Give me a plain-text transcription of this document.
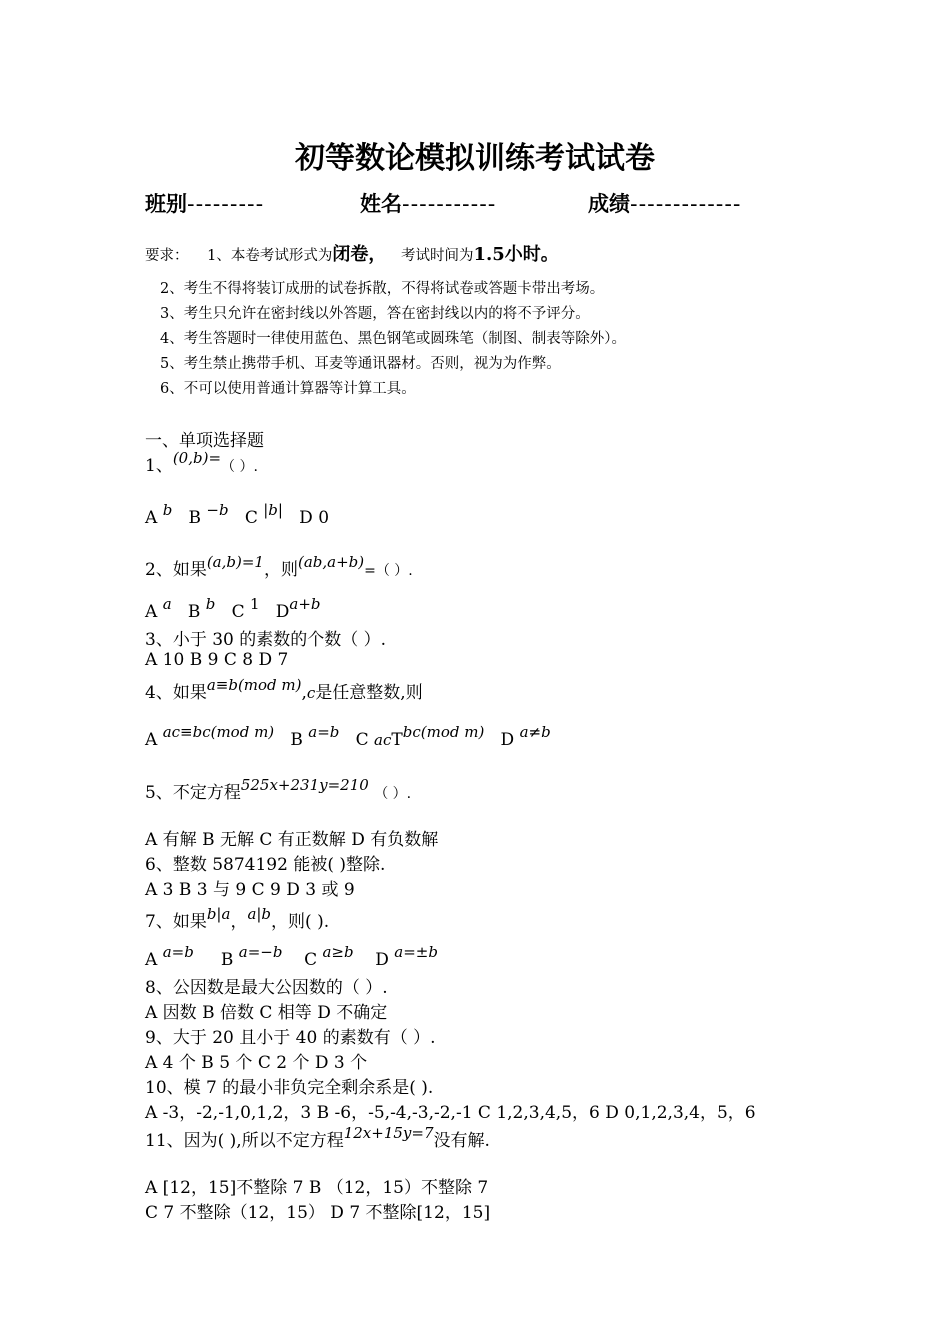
初等数论模拟训练考试试卷
班别---------	姓名-----------	成绩-------------
要求： 1、本卷考试形式为闭卷， 考试时间为1.5小时。
2、考生不得将装订成册的试卷拆散，不得将试卷或答题卡带出考场。
3、考生只允许在密封线以外答题，答在密封线以内的将不予评分。
4、考生答题时一律使用蓝色、黑色钢笔或圆珠笔（制图、制表等除外）。
5、考生禁止携带手机、耳麦等通讯器材。否则，视为为作弊。
6、不可以使用普通计算器等计算工具。
一、单项选择题
1、(0,b)=（ ）.
A b B −b C |b| D 0
2、如果(a,b)=1，则(ab,a+b)=（ ）.
A a B b C 1 Da+b
3、小于 30 的素数的个数（ ）.
A 10 B 9 C 8 D 7
4、如果a≡b(mod m),c是任意整数,则
A ac≡bc(mod m) B a=b C acTbc(mod m) D a≠b
5、不定方程525x+231y=210 （ ）.
A 有解 B 无解 C 有正数解 D 有负数解
6、整数 5874192 能被( )整除.
A 3 B 3 与 9 C 9 D 3 或 9
7、如果b|a，a|b，则( ).
A a=b B a=−b C a≥b D a=±b
8、公因数是最大公因数的（ ）.
A 因数 B 倍数 C 相等 D 不确定
9、大于 20 且小于 40 的素数有（ ）.
A 4 个 B 5 个 C 2 个 D 3 个
10、模 7 的最小非负完全剩余系是( ).
A -3，-2,-1,0,1,2，3 B -6，-5,-4,-3,-2,-1 C 1,2,3,4,5，6 D 0,1,2,3,4，5，6
11、因为( ),所以不定方程12x+15y=7没有解.
A [12，15]不整除 7 B （12，15）不整除 7
C 7 不整除（12，15） D 7 不整除[12，15]
